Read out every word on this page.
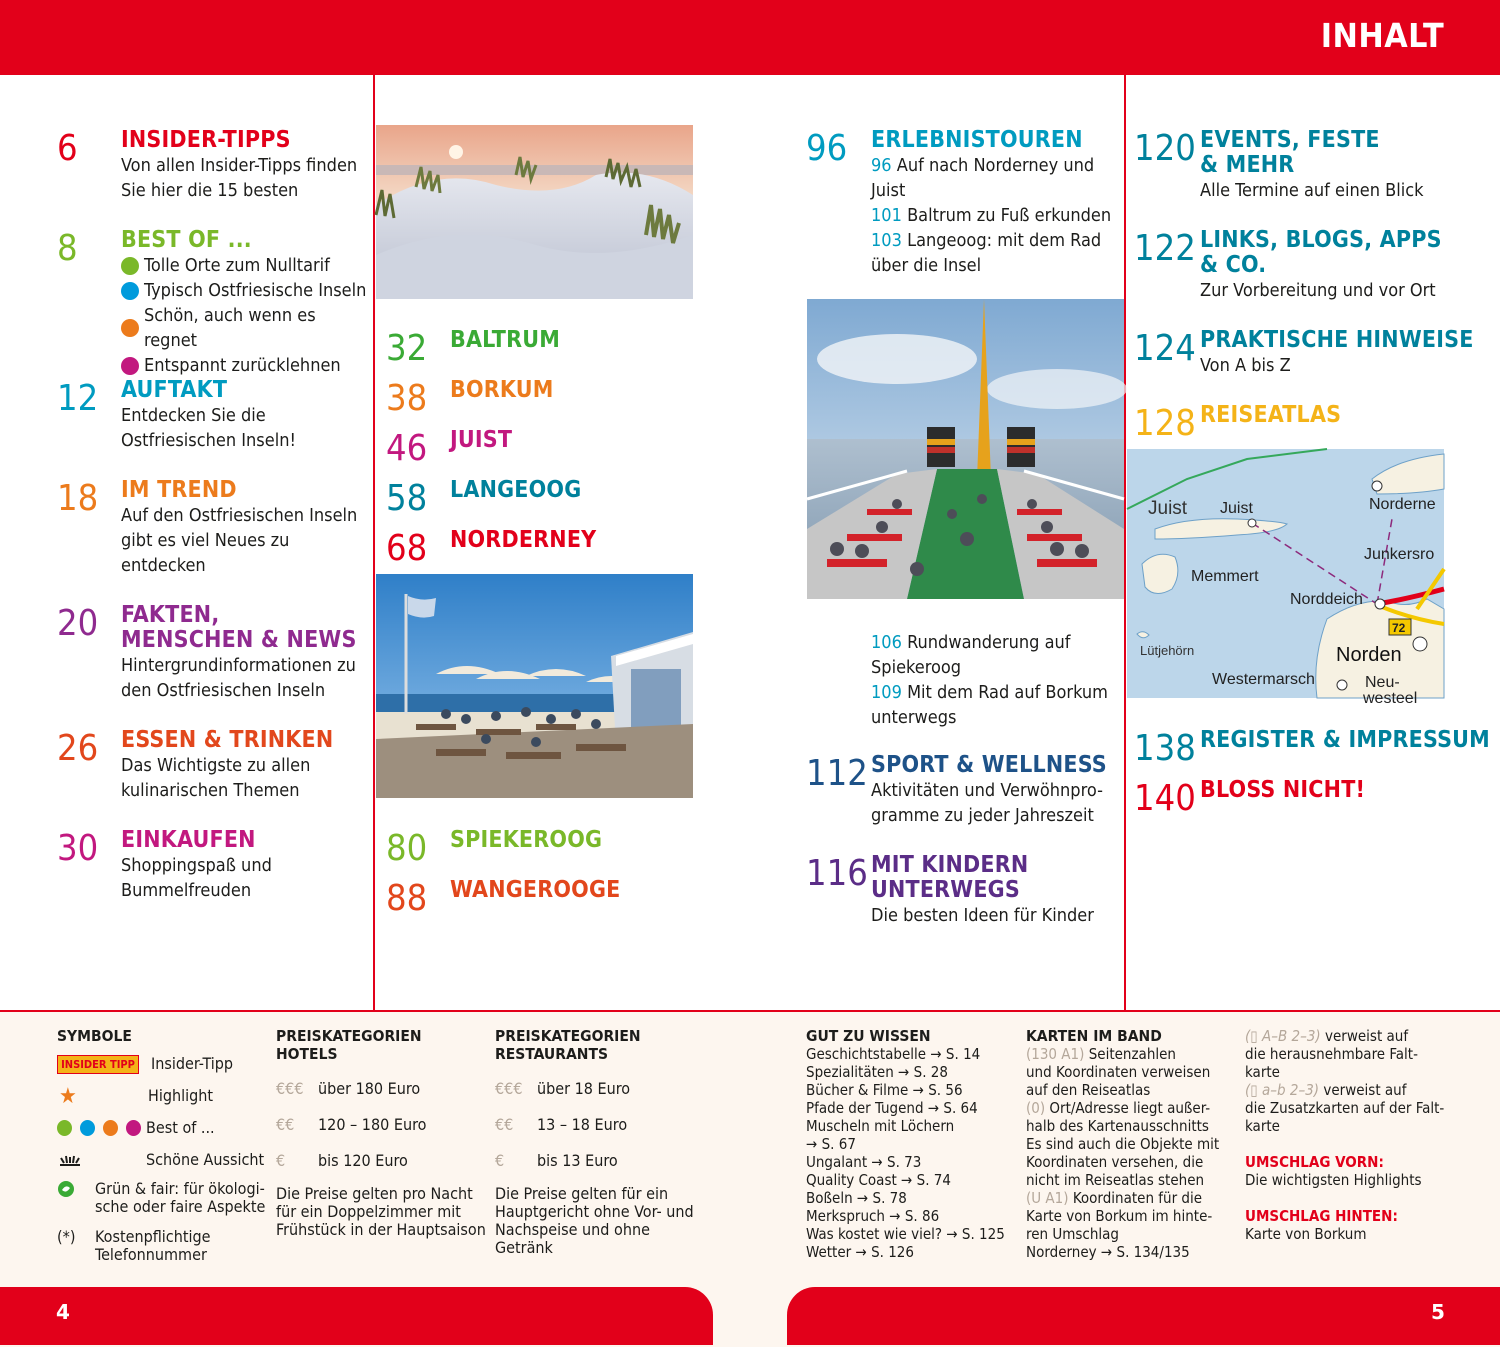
INHALT
6 INSIDER-TIPPS
Von allen Insider-Tipps finden
Sie hier die 15 besten
8 BEST OF ...
Tolle Orte zum Nulltarif
Typisch Ostfriesische Inseln
Schön, auch wenn es regnet
Entspannt zurücklehnen
12 AUFTAKT
Entdecken Sie die
Ostfriesischen Inseln!
18 IM TREND
Auf den Ostfriesischen Inseln
gibt es viel Neues zu
entdecken
20 FAKTEN,
MENSCHEN & NEWS
Hintergrundinformationen zu
den Ostfriesischen Inseln
26 ESSEN & TRINKEN
Das Wichtigste zu allen
kulinarischen Themen
30 EINKAUFEN
Shoppingspaß und
Bummelfreuden
32 BALTRUM
38 BORKUM
46 JUIST
58 LANGEOOG
68 NORDERNEY
80 SPIEKEROOG
88 WANGEROOGE
96 ERLEBNISTOUREN
96 Auf nach Norderney und
Juist
101 Baltrum zu Fuß erkunden
103 Langeoog: mit dem Rad
über die Insel
106 Rundwanderung auf
Spiekeroog
109 Mit dem Rad auf Borkum
unterwegs
112 SPORT & WELLNESS
Aktivitäten und Verwöhnpro-
gramme zu jeder Jahreszeit
116 MIT KINDERN
UNTERWEGS
Die besten Ideen für Kinder
120 EVENTS, FESTE
& MEHR
Alle Termine auf einen Blick
122 LINKS, BLOGS, APPS
& CO.
Zur Vorbereitung und vor Ort
124 PRAKTISCHE HINWEISE
Von A bis Z
128 REISEATLAS
Juist Juist	Norderne
Junkersro
Memmert
Norddeich
72
Lütjehörn	Norden
Westermarsch	Neu-
westeel
138 REGISTER & IMPRESSUM
140 BLOSS NICHT!
SYMBOLE
INSIDER TIPP Insider-Tipp
★	Highlight
Best of ...
Schöne Aussicht
Grün & fair: für ökologi-
sche oder faire Aspekte
(*)	Kostenpflichtige
Telefonnummer
PREISKATEGORIEN
HOTELS
€€€ über 180 Euro
€€	120 – 180 Euro
€	bis 120 Euro
Die Preise gelten pro Nacht
für ein Doppelzimmer mit
Frühstück in der Hauptsaison
PREISKATEGORIEN
RESTAURANTS
€€€ über 18 Euro
€€	13 – 18 Euro
€	bis 13 Euro
Die Preise gelten für ein
Hauptgericht ohne Vor- und
Nachspeise und ohne Getränk
GUT ZU WISSEN
Geschichtstabelle → S. 14
Spezialitäten → S. 28
Bücher & Filme → S. 56
Pfade der Tugend → S. 64
Muscheln mit Löchern
→ S. 67
Ungalant → S. 73
Quality Coast → S. 74
Boßeln → S. 78
Merkspruch → S. 86
Was kostet wie viel? → S. 125
Wetter → S. 126
KARTEN IM BAND
(130 A1) Seitenzahlen
und Koordinaten verweisen
auf den Reiseatlas
(0) Ort/Adresse liegt außer-
halb des Kartenausschnitts
Es sind auch die Objekte mit
Koordinaten versehen, die
nicht im Reiseatlas stehen
(U A1) Koordinaten für die
Karte von Borkum im hinte-
ren Umschlag
Norderney → S. 134/135
(▯ A–B 2–3) verweist auf
die herausnehmbare Falt-
karte
(▯ a–b 2–3) verweist auf
die Zusatzkarten auf der Falt-
karte
UMSCHLAG VORN:
Die wichtigsten Highlights
UMSCHLAG HINTEN:
Karte von Borkum
4	5
